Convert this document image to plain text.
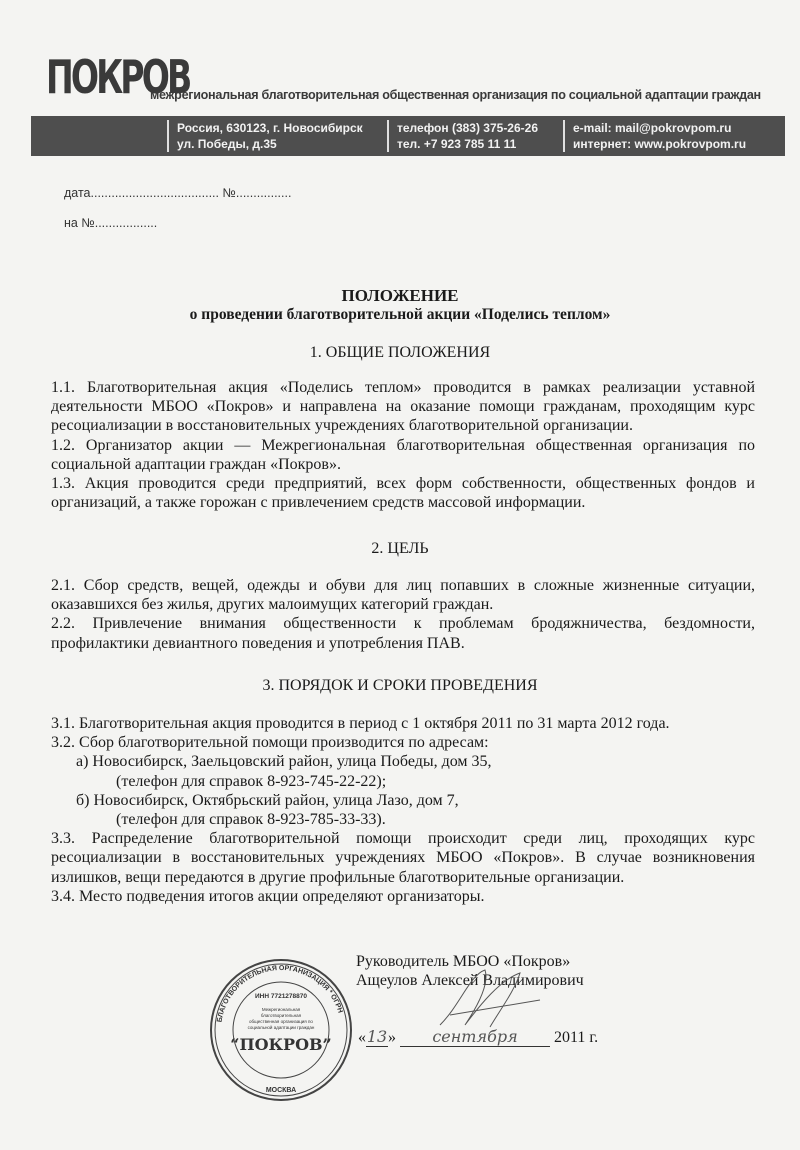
ПОКРОВ
межрегиональная благотворительная общественная организация по социальной адаптации граждан
Россия, 630123, г. Новосибирск
ул. Победы, д.35
телефон (383) 375-26-26
тел. +7 923 785 11 11
e-mail: mail@pokrovpom.ru
интернет: www.pokrovpom.ru
дата..................................... №................
на №..................
ПОЛОЖЕНИЕ
о проведении благотворительной акции «Поделись теплом»
1. ОБЩИЕ ПОЛОЖЕНИЯ

1.1. Благотворительная акция «Поделись теплом» проводится в рамках реализации уставной деятельности МБОО «Покров» и направлена на оказание помощи гражданам, проходящим курс ресоциализации в восстановительных учреждениях благотворительной организации.

1.2. Организатор акции — Межрегиональная благотворительная общественная организация по социальной адаптации граждан «Покров».

1.3. Акция проводится среди предприятий, всех форм собственности, общественных фондов и организаций, а также горожан с привлечением средств массовой информации.

2. ЦЕЛЬ

2.1. Сбор средств, вещей, одежды и обуви для лиц попавших в сложные жизненные ситуации, оказавшихся без жилья, других малоимущих категорий граждан.

2.2. Привлечение внимания общественности к проблемам бродяжничества, бездомности, профилактики девиантного поведения и употребления ПАВ.

3. ПОРЯДОК И СРОКИ ПРОВЕДЕНИЯ

3.1. Благотворительная акция проводится в период с 1 октября 2011 по 31 марта 2012 года.

3.2. Сбор благотворительной помощи производится по адресам:

а) Новосибирск, Заельцовский район, улица Победы, дом 35,

(телефон для справок 8-923-745-22-22);

б) Новосибирск, Октябрьский район, улица Лазо, дом 7,

(телефон для справок 8-923-785-33-33).

3.3. Распределение благотворительной помощи происходит среди лиц, проходящих курс ресоциализации в восстановительных учреждениях МБОО «Покров». В случае возникновения излишков, вещи передаются в другие профильные благотворительные организации.

3.4. Место подведения итогов акции определяют организаторы.

Руководитель МБОО «Покров»
Ащеулов Алексей Владимирович
«13» сентября 2011 г.
БЛАГОТВОРИТЕЛЬНАЯ ОРГАНИЗАЦИЯ * ОГРН
ИНН 7721278870
Межрегиональная
благотворительная
общественная организация по
социальной адаптации граждан
“ПОКРОВ”
МОСКВА
